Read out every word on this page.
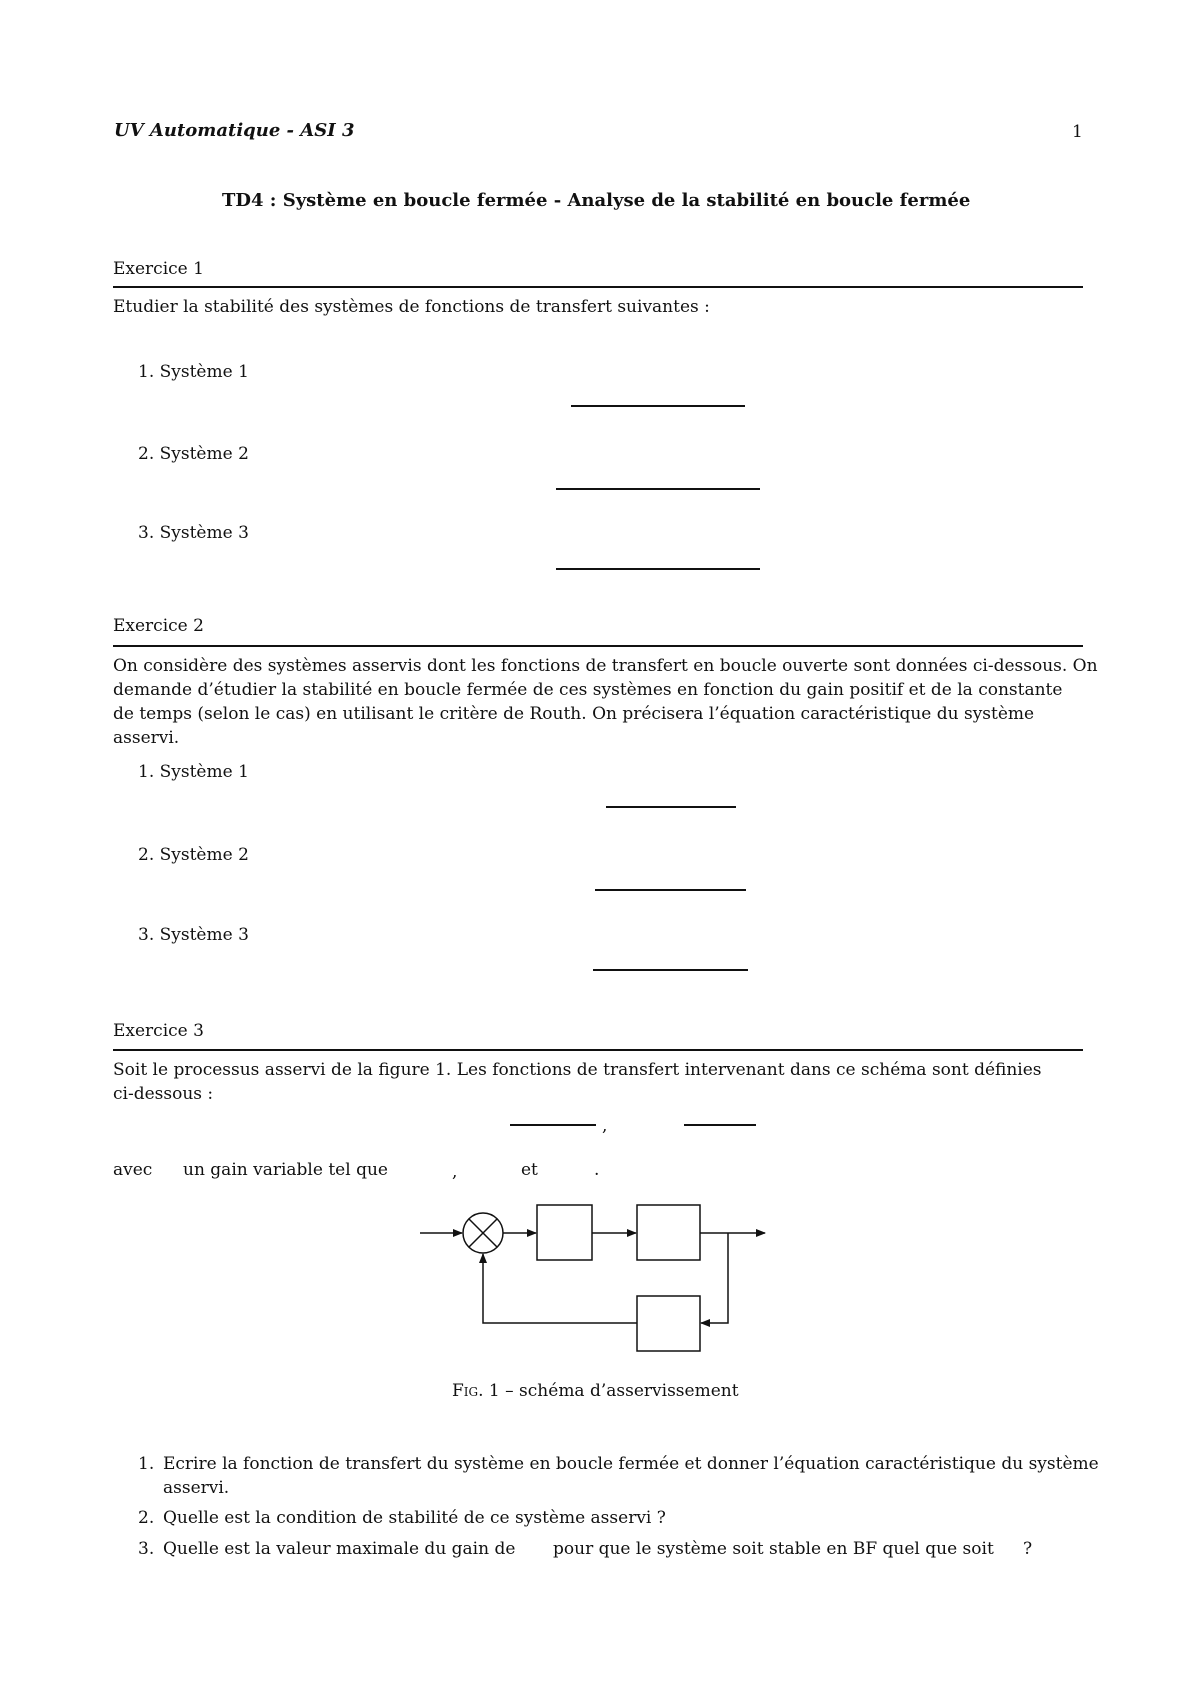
UV Automatique - ASI 3	1
TD4 : Système en boucle fermée - Analyse de la stabilité en boucle fermée
Exercice 1
Etudier la stabilité des systèmes de fonctions de transfert suivantes :
1. Système 1
2. Système 2
3. Système 3
Exercice 2
On considère des systèmes asservis dont les fonctions de transfert en boucle ouverte sont données ci-dessous. On
demande d’étudier la stabilité en boucle fermée de ces systèmes en fonction du gain positif et de la constante
de temps (selon le cas) en utilisant le critère de Routh. On précisera l’équation caractéristique du système
asservi.
1. Système 1
2. Système 2
3. Système 3
Exercice 3
Soit le processus asservi de la figure 1. Les fonctions de transfert intervenant dans ce schéma sont définies
ci-dessous :
,
avec un gain variable tel que	,	et	.
Fig. 1 – schéma d’asservissement
1. Ecrire la fonction de transfert du système en boucle fermée et donner l’équation caractéristique du système
asservi.
2. Quelle est la condition de stabilité de ce système asservi ?
3. Quelle est la valeur maximale du gain de pour que le système soit stable en BF quel que soit ?
